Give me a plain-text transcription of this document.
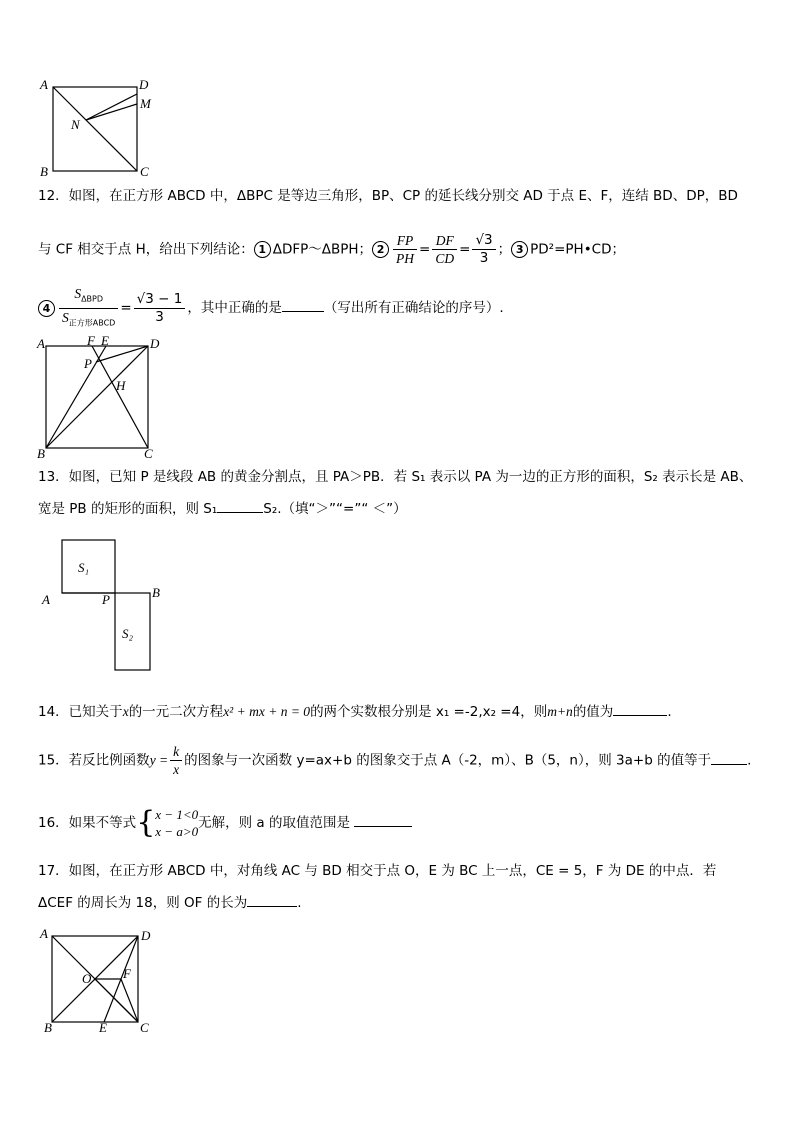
A	D
M
N
B	C
12．如图，在正方形 ABCD 中，ΔBPC 是等边三角形，BP、CP 的延长线分别交 AD 于点 E、F，连结 BD、DP，BD
与 CF 相交于点 H，给出下列结论： 1 ΔDFP～ΔBPH； $2 \frac{FP}{PH} = \frac{DF}{CD} = \frac{√3}{3}$ ； 3 PD²=PH•CD；
$4 \frac{S_{\Delta BPD}}{S_{正方形ABCD}} = \frac{√3 - 1}{3}$ ，其中正确的是	（写出所有正确结论的序号）.
A	F E	D
P
H
B	C
13．如图，已知 P 是线段 AB 的黄金分割点，且 PA＞PB．若 S₁ 表示以 PA 为一边的正方形的面积，S₂ 表示长是 AB、
宽是 PB 的矩形的面积，则 S₁	S₂.（填“＞”“=”“ ＜”）
S₁
S₂
A	P	B
14．已知关于x的一元二次方程x² + mx + n = 0的两个实数根分别是 x₁ =-2,x₂ =4，则m+n的值为	.
15．若反比例函数$y = \frac{k}{x}$ 的图象与一次函数 y=ax+b 的图象交于点 A（-2，m）、B（5，n），则 3a+b 的值等于	.
16．如果不等式{ x − 1<0
x − a>0
无解，则 a 的取值范围是
17．如图，在正方形 ABCD 中，对角线 AC 与 BD 相交于点 O，E 为 BC 上一点，CE = 5，F 为 DE 的中点．若
ΔCEF 的周长为 18，则 OF 的长为	.
A	D
O F
B	E	C
